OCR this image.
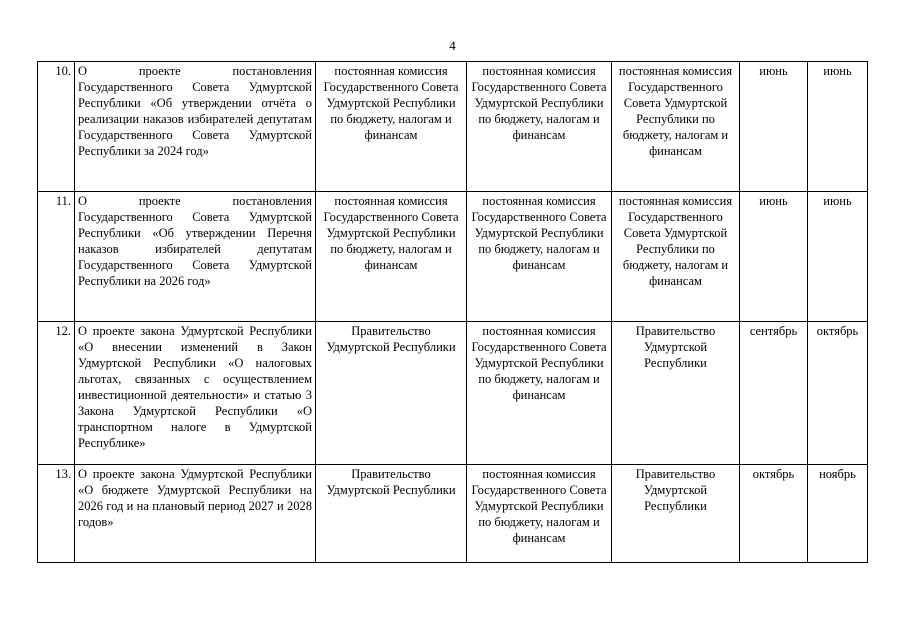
4
10.	О проекте постановления Государственного Совета Удмуртской Республики «Об утверждении отчёта о реализации наказов избирателей депутатам Государственного Совета Удмуртской Республики за 2024 год»	постоянная комиссия Государственного Совета Удмуртской Республики по бюджету, налогам и финансам	постоянная комиссия Государственного Совета Удмуртской Республики по бюджету, налогам и финансам	постоянная комиссия Государственного Совета Удмуртской Республики по бюджету, налогам и финансам	июнь	июнь
11.	О проекте постановления Государственного Совета Удмуртской Республики «Об утверждении Перечня наказов избирателей депутатам Государственного Совета Удмуртской Республики на 2026 год»	постоянная комиссия Государственного Совета Удмуртской Республики по бюджету, налогам и финансам	постоянная комиссия Государственного Совета Удмуртской Республики по бюджету, налогам и финансам	постоянная комиссия Государственного Совета Удмуртской Республики по бюджету, налогам и финансам	июнь	июнь
12.	О проекте закона Удмуртской Республики «О внесении изменений в Закон Удмуртской Республики «О налоговых льготах, связанных с осуществлением инвестиционной деятельности» и статью 3 Закона Удмуртской Республики «О транспортном налоге в Удмуртской Республике»	Правительство Удмуртской Республики	постоянная комиссия Государственного Совета Удмуртской Республики по бюджету, налогам и финансам	Правительство Удмуртской Республики	сентябрь	октябрь
13.	О проекте закона Удмуртской Республики «О бюджете Удмуртской Республики на 2026 год и на плановый период 2027 и 2028 годов»	Правительство Удмуртской Республики	постоянная комиссия Государственного Совета Удмуртской Республики по бюджету, налогам и финансам	Правительство Удмуртской Республики	октябрь	ноябрь
